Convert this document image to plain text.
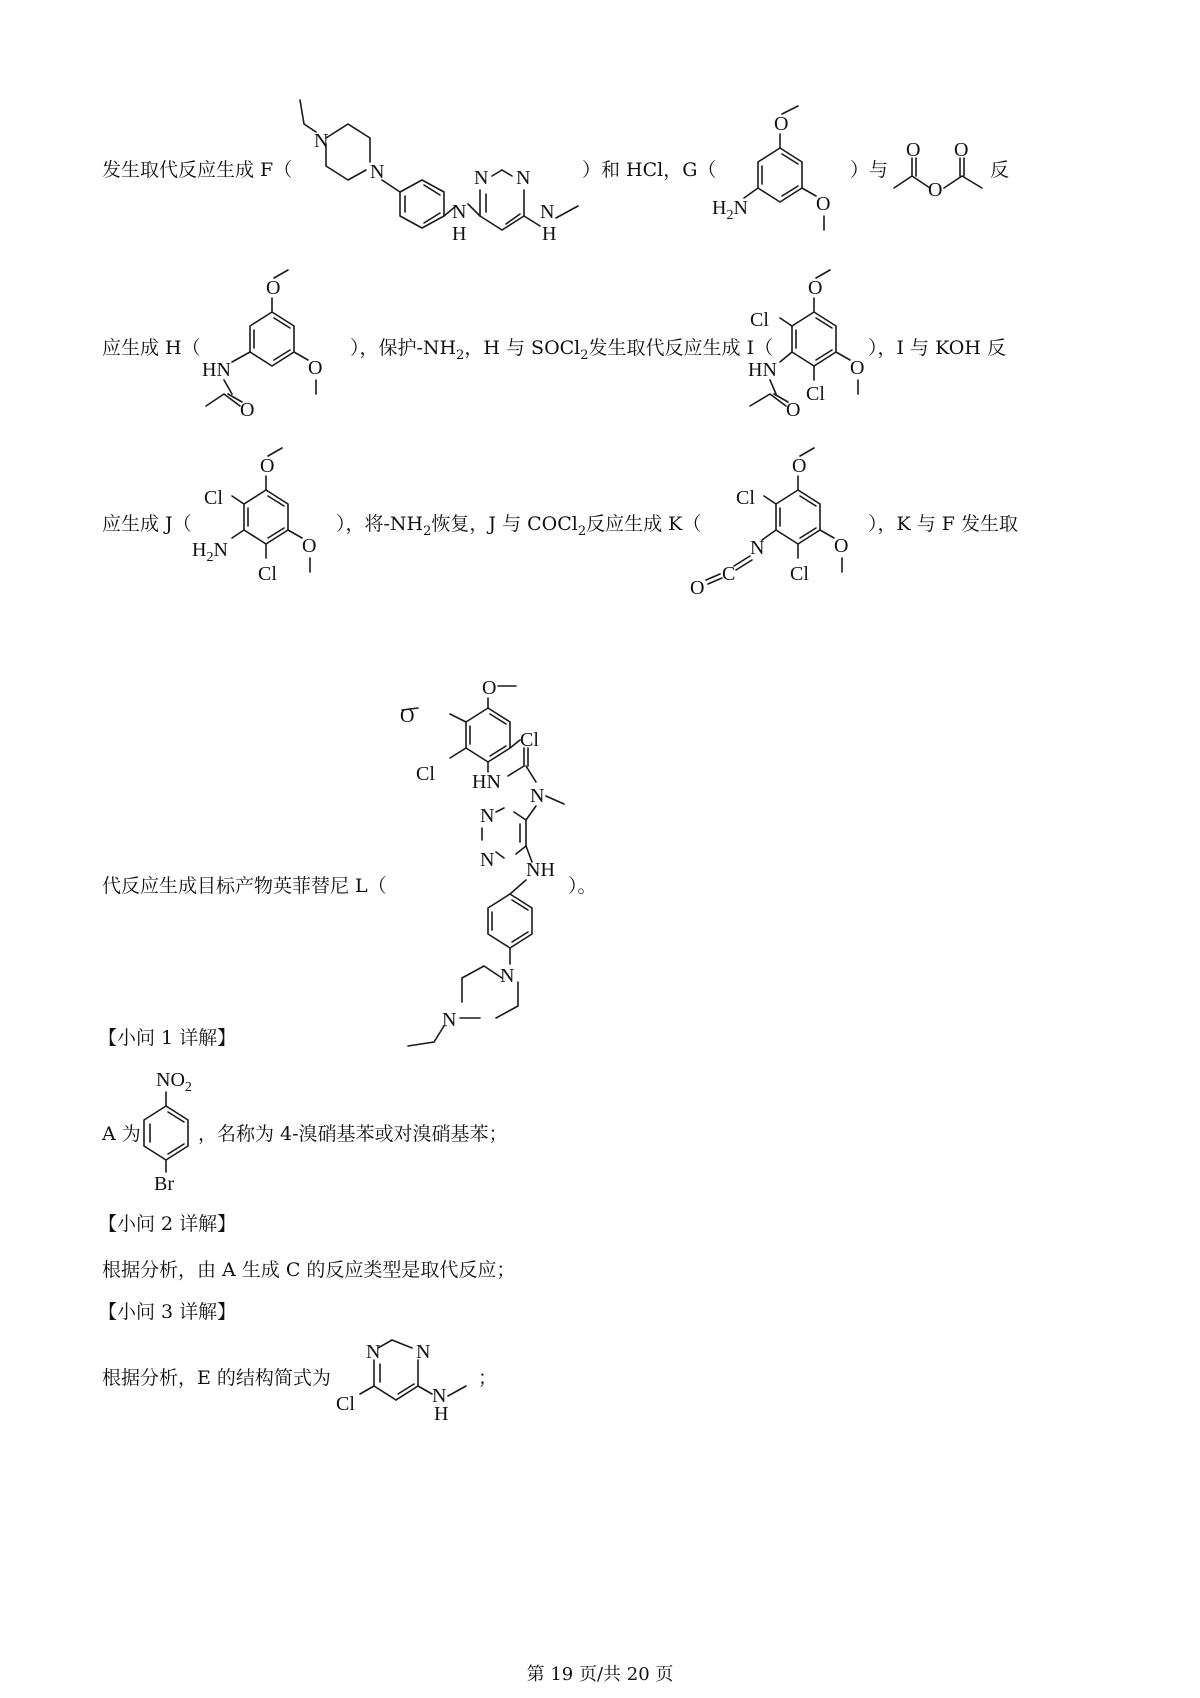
发生取代反应生成 F（	）和 HCl，G（	）与	反
N
N
N
H
N N
N
H
O
O
$H_2N$
O
O
O
应生成 H（	），保护$-NH_2$，H 与 SOCl$_2$发生取代反应生成 I（	），I 与 KOH 反
O
O
HN
O
O
Cl
O
Cl
HN
O
应生成 J（	），将$-NH_2$恢复，J 与 COCl$_2$反应生成 K（	），K 与 F 发生取
O
Cl
O
Cl
$H_2N$
O
Cl
O
Cl
N
C
O
代反应生成目标产物英菲替尼 L（	）。
O
O
Cl
Cl HN
N
N
N NH
N
N
【小问 1 详解】
A 为
$NO_2$
Br
，名称为 4-溴硝基苯或对溴硝基苯；
【小问 2 详解】
根据分析，由 A 生成 C 的反应类型是取代反应；
【小问 3 详解】
根据分析，E 的结构简式为
N N
Cl	N
H
；
第 19 页/共 20 页
